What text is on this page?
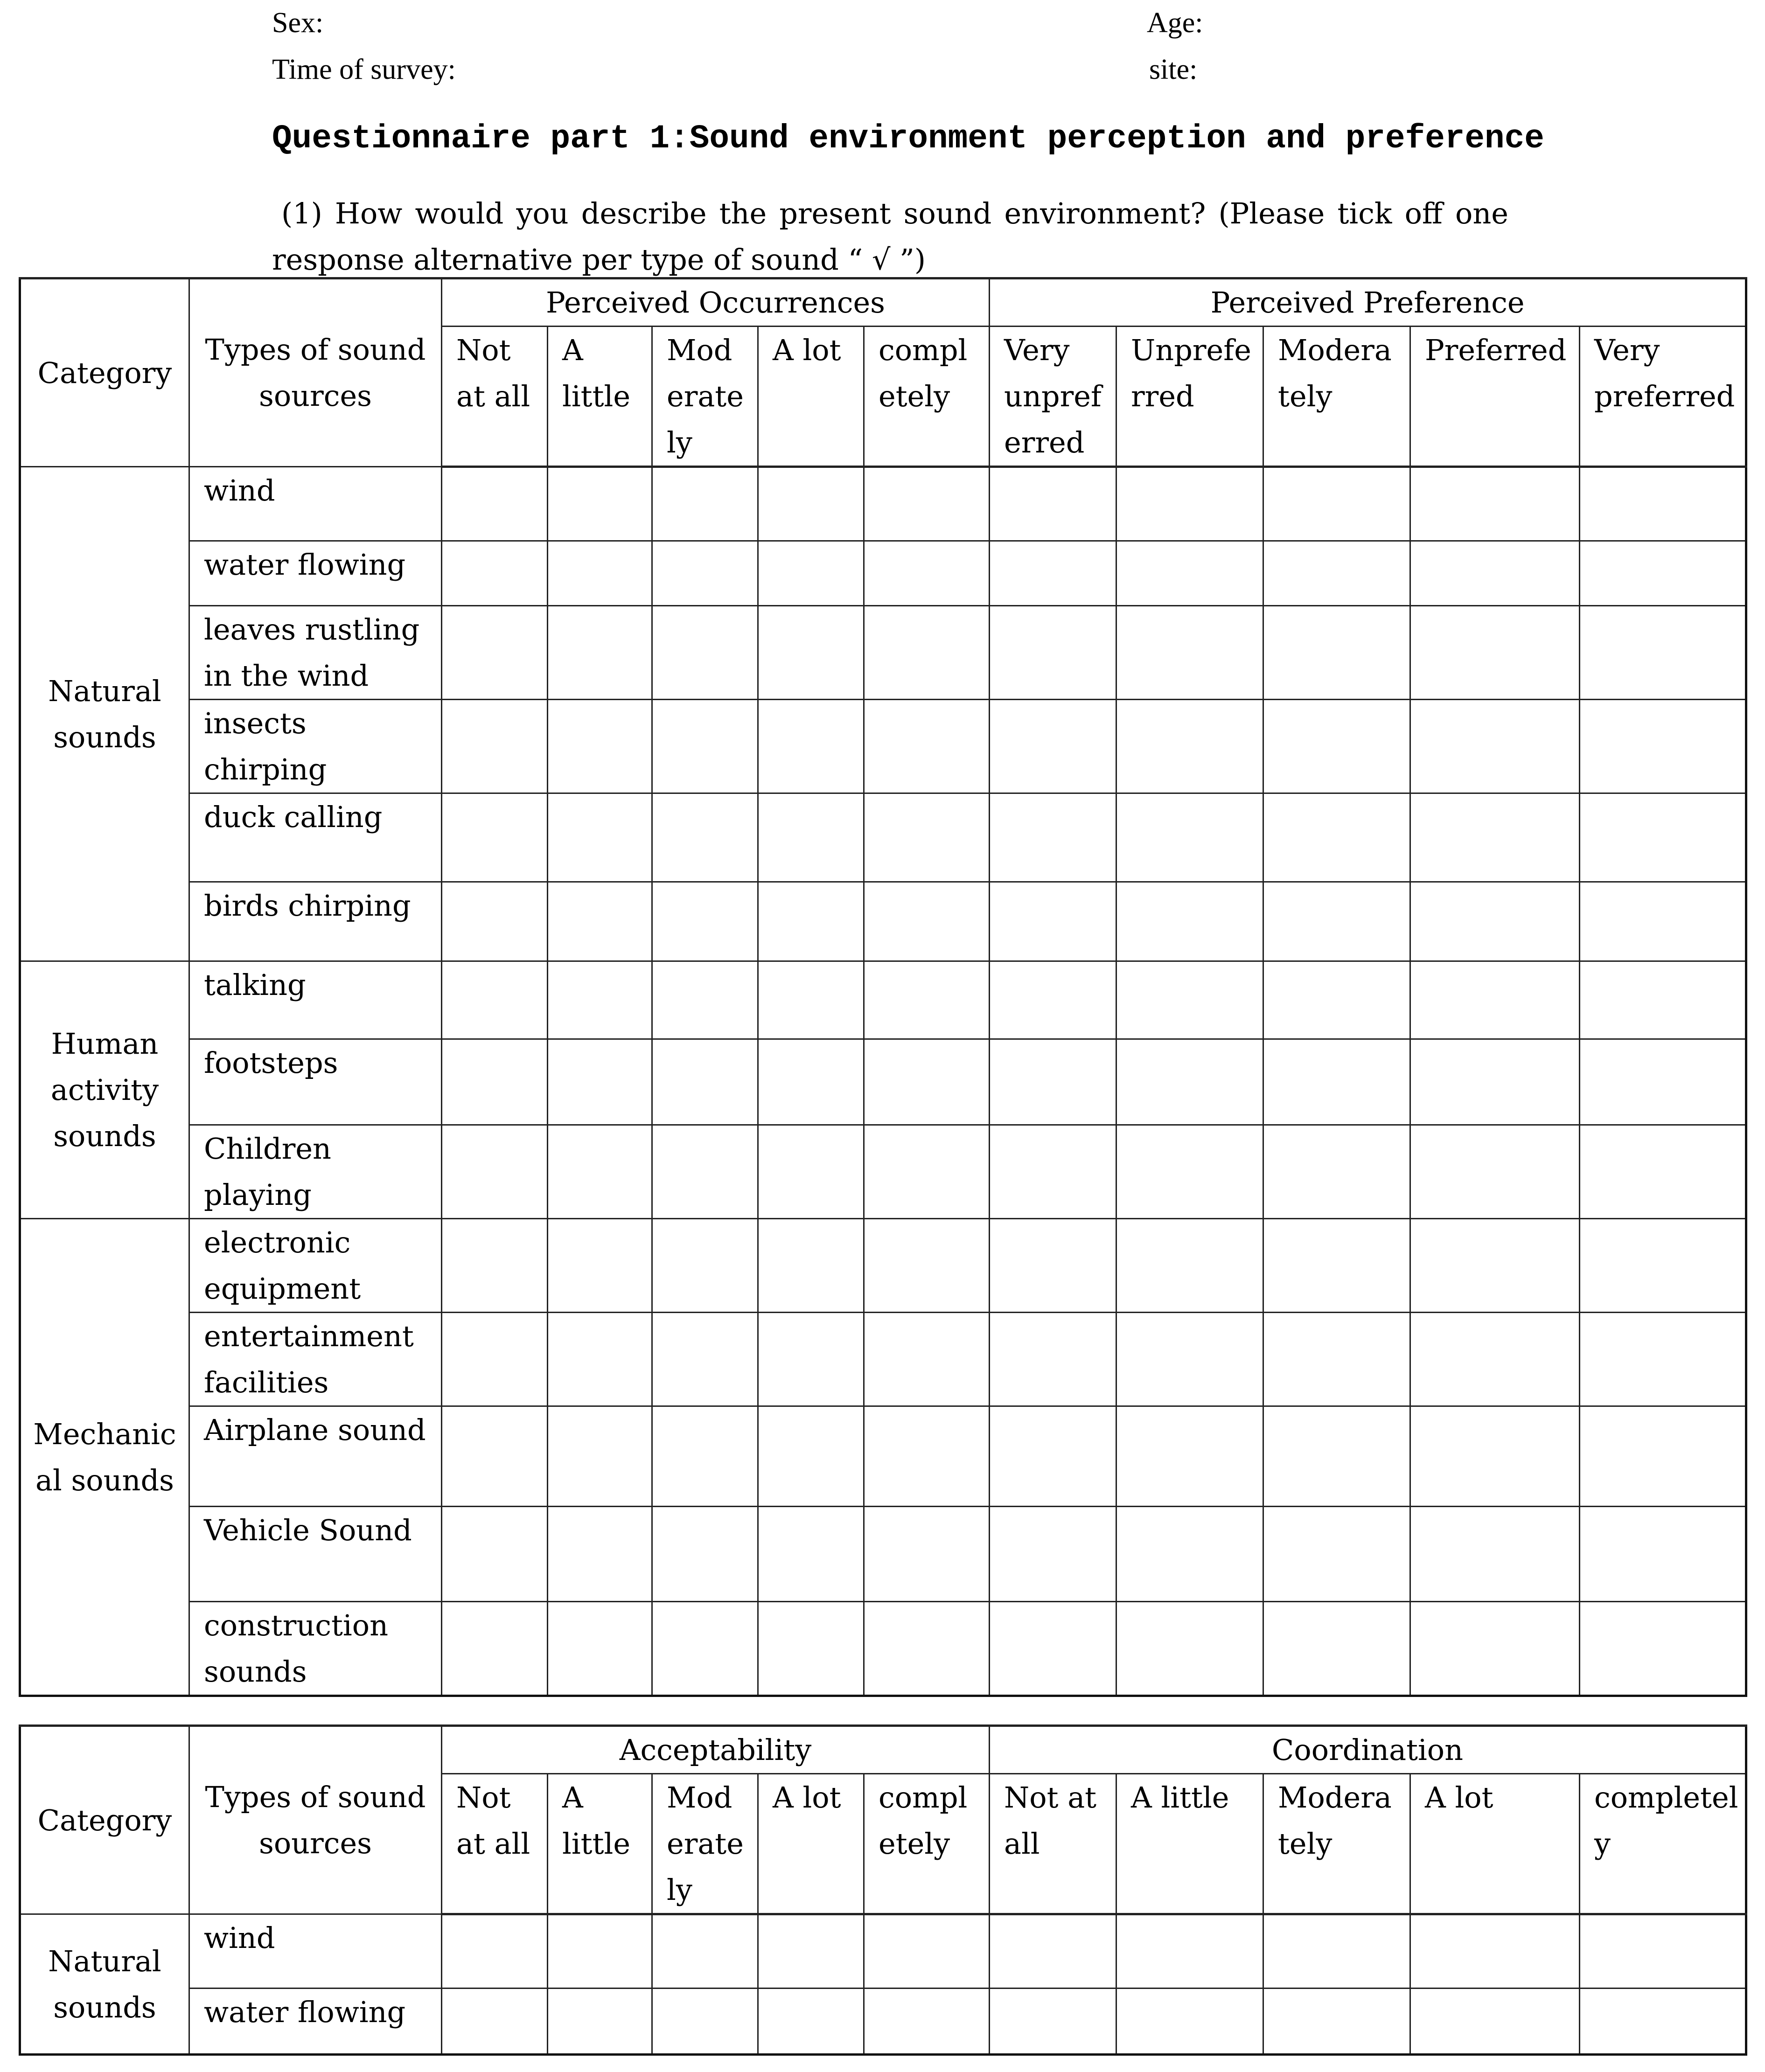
Sex:	Age:
Time of survey:	site:
Questionnaire part 1:Sound environment perception and preference
(1) How would you describe the present sound environment? (Please tick off one
response alternative per type of sound “ √ ”)
Category	Types of sound sources	Perceived Occurrences					Perceived Preference				
		Not at all	A little	Mod erate ly	A lot	compl etely	Very unpref erred	Unprefe rred	Modera tely	Preferred	Very preferred
Natural sounds	wind										
	water flowing										
	leaves rustling in the wind										
	insects chirping										
	duck calling										
	birds chirping										
Human activity sounds	talking										
	footsteps										
	Children playing										
Mechanic al sounds	electronic equipment										
	entertainment facilities										
	Airplane sound										
	Vehicle Sound										
	construction sounds										
Category	Types of sound sources	Acceptability					Coordination				
		Not at all	A little	Mod erate ly	A lot	compl etely	Not at all	A little	Modera tely	A lot	completel y
Natural sounds	wind										
	water flowing										
